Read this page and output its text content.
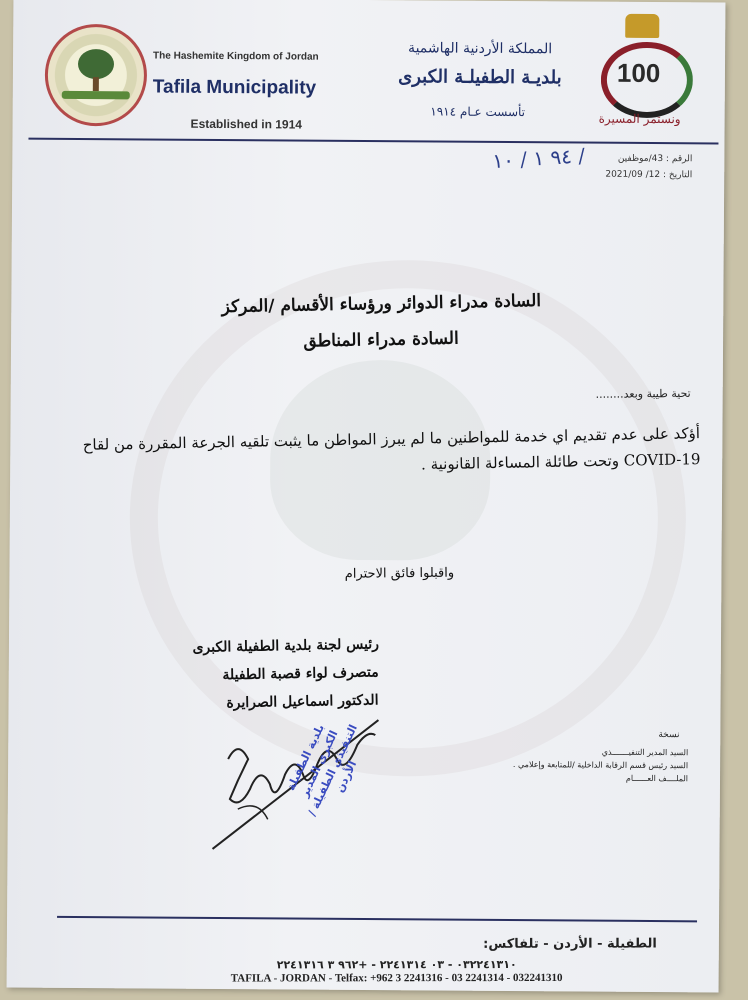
The Hashemite Kingdom of Jordan
Tafila Municipality
Established in 1914
المملكة الأردنية الهاشمية
بلديـة الطفيلـة الكبرى
تأسست عـام ١٩١٤
100
ونستمر المسيرة
٩٤ ١ / ١٠ /	الرقم : 43/موظفين
التاريخ : 12/ 2021/09
السادة مدراء الدوائر ورؤساء الأقسام /المركز
السادة مدراء المناطق
تحية طيبة وبعد........
أؤكد على عدم تقديم اي خدمة للمواطنين ما لم يبرز المواطن ما يثبت تلقيه الجرعة المقررة من لقاح COVID-19 وتحت طائلة المساءلة القانونية .
واقبلوا فائق الاحترام
رئيس لجنة بلدية الطفيلة الكبرى
متصرف لواء قصبة الطفيلة
الدكتور اسماعيل الصرايرة
بلدية الطفيلة الكبرى المدير التنفيذي الطفيلة / الأردن
نسخة
السيد المدير التنفيـــــــذي
السيد رئيس قسم الرقابة الداخلية /للمتابعة وإعلامي .
الملــــف العــــــام
الطفيلة - الأردن - تلفاكس:
٠٣٢٢٤١٣١٠ - ٠٣ ٢٢٤١٣١٤ - +٩٦٢ ٣ ٢٢٤١٣١٦
TAFILA - JORDAN - Telfax: +962 3 2241316 - 03 2241314 - 032241310
